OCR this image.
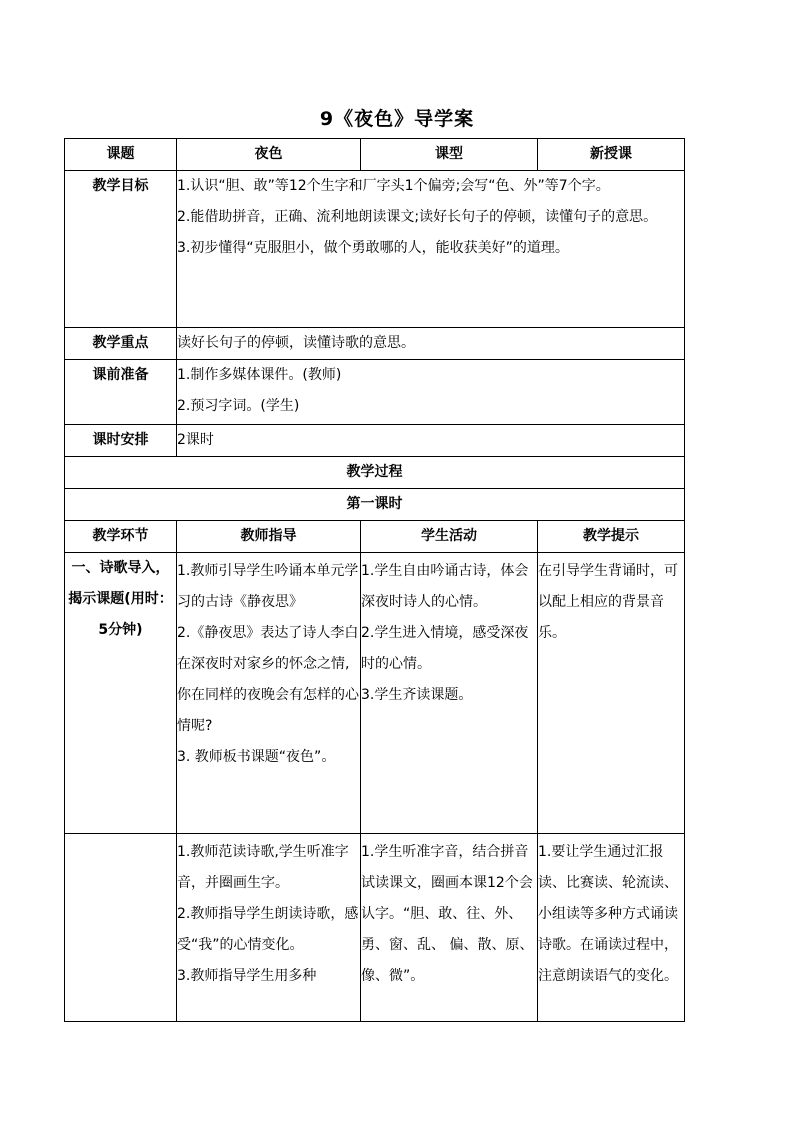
9《夜色》导学案
课题	夜色	课型	新授课
教学目标	1.认识“胆、敢”等12个生字和厂字头1个偏旁;会写“色、外”等7个字。
2.能借助拼音，正确、流利地朗读课文;读好长句子的停顿，读懂句子的意思。
3.初步懂得“克服胆小，做个勇敢哪的人，能收获美好”的道理。		

教学重点	读好长句子的停顿，读懂诗歌的意思。		
课前准备	1.制作多媒体课件。(教师)
2.预习字词。(学生)		

课时安排	2课时		
教学过程			
第一课时			
教学环节	教师指导	学生活动	教学提示
一、诗歌导入，揭示课题(用时：5分钟)	1.教师引导学生吟诵本单元学习的古诗《静夜思》
2.《静夜思》表达了诗人李白在深夜时对家乡的怀念之情,你在同样的夜晚会有怎样的心情呢?
3. 教师板书课题“夜色”。	1.学生自由吟诵古诗，体会深夜时诗人的心情。
2.学生进入情境，感受深夜时的心情。
3.学生齐读课题。	在引导学生背诵时，可以配上相应的背景音乐。

	1.教师范读诗歌,学生听准字音，并圈画生字。
2.教师指导学生朗读诗歌，感受“我”的心情变化。
3.教师指导学生用多种	1.学生听准字音，结合拼音试读课文，圈画本课12个会认字。“胆、敢、往、外、勇、窗、乱、 偏、散、原、像、微”。	1.要让学生通过汇报读、比赛读、轮流读、小组读等多种方式诵读诗歌。在诵读过程中，注意朗读语气的变化。
